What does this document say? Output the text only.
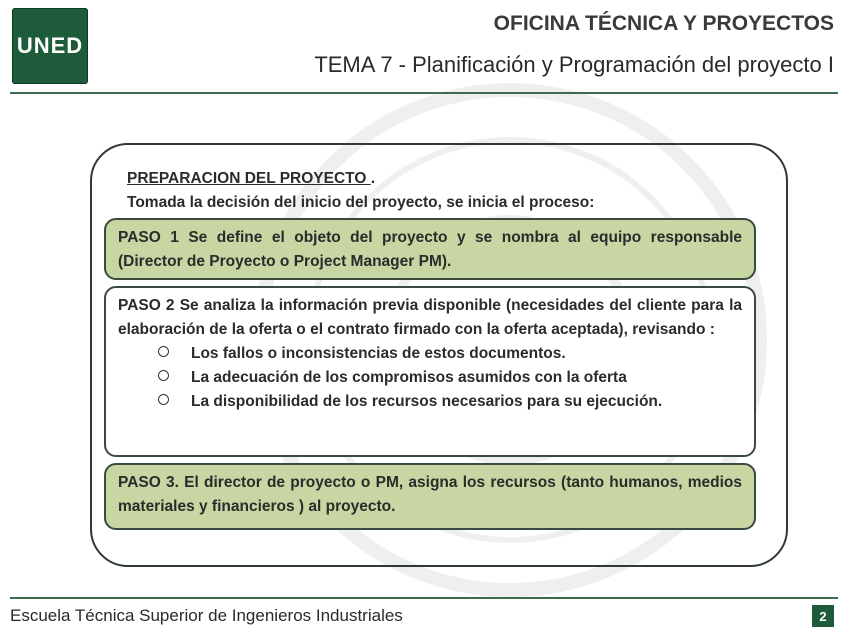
UNED
OFICINA TÉCNICA Y PROYECTOS
TEMA 7 - Planificación y Programación del proyecto I
PREPARACION DEL PROYECTO .
Tomada la decisión del inicio del proyecto, se inicia el proceso:
PASO 1 Se define el objeto del proyecto y se nombra al equipo responsable (Director de Proyecto o Project Manager PM).
PASO 2 Se analiza la información previa disponible (necesidades del cliente para la elaboración de la oferta o el contrato firmado con la oferta aceptada), revisando :
Los fallos o inconsistencias de estos documentos.
La adecuación de los compromisos asumidos con la oferta
La disponibilidad de los recursos necesarios para su ejecución.
PASO 3. El director de proyecto o PM, asigna los recursos (tanto humanos, medios materiales y financieros ) al proyecto.
Escuela Técnica Superior de Ingenieros Industriales	2
